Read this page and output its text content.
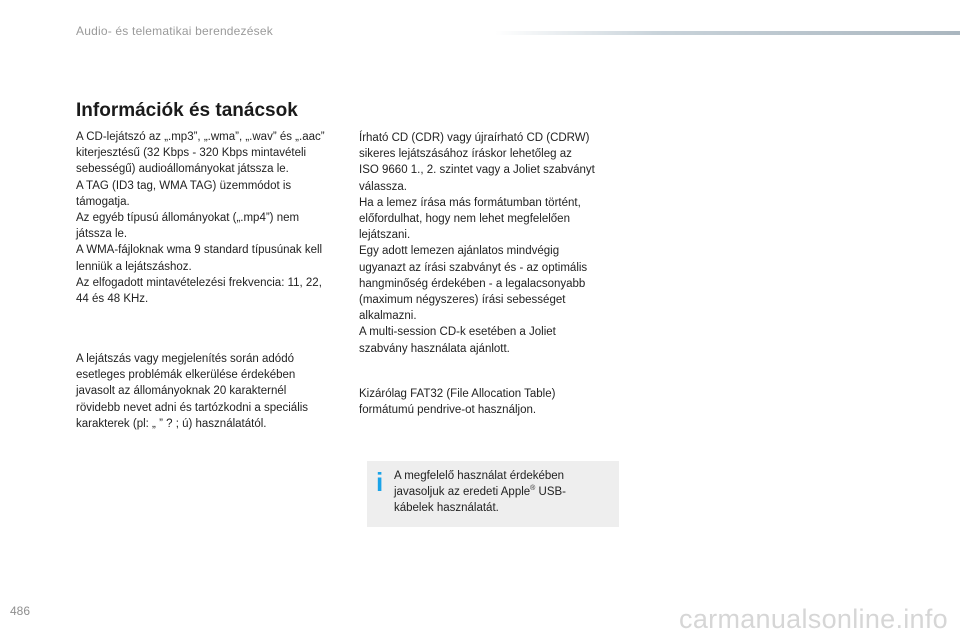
Audio- és telematikai berendezések
Információk és tanácsok

A CD-lejátszó az „.mp3”, „.wma”, „.wav” és „.aac”
kiterjesztésű (32 Kbps - 320 Kbps mintavételi
sebességű) audioállományokat játssza le.
A TAG (ID3 tag, WMA TAG) üzemmódot is
támogatja.
Az egyéb típusú állományokat („.mp4”) nem
játssza le.
A WMA-fájloknak wma 9 standard típusúnak kell
lenniük a lejátszáshoz.
Az elfogadott mintavételezési frekvencia: 11, 22,
44 és 48 KHz.

A lejátszás vagy megjelenítés során adódó
esetleges problémák elkerülése érdekében
javasolt az állományoknak 20 karakternél
rövidebb nevet adni és tartózkodni a speciális
karakterek (pl: „ ” ? ; ú) használatától.

Írható CD (CDR) vagy újraírható CD (CDRW)
sikeres lejátszásához íráskor lehetőleg az
ISO 9660 1., 2. szintet vagy a Joliet szabványt
válassza.
Ha a lemez írása más formátumban történt,
előfordulhat, hogy nem lehet megfelelően
lejátszani.
Egy adott lemezen ajánlatos mindvégig
ugyanazt az írási szabványt és - az optimális
hangminőség érdekében - a legalacsonyabb
(maximum négyszeres) írási sebességet
alkalmazni.
A multi-session CD-k esetében a Joliet
szabvány használata ajánlott.

Kizárólag FAT32 (File Allocation Table)
formátumú pendrive-ot használjon.

i A megfelelő használat érdekében
javasoljuk az eredeti Apple® USB-
kábelek használatát.

486	carmanualsonline.info
